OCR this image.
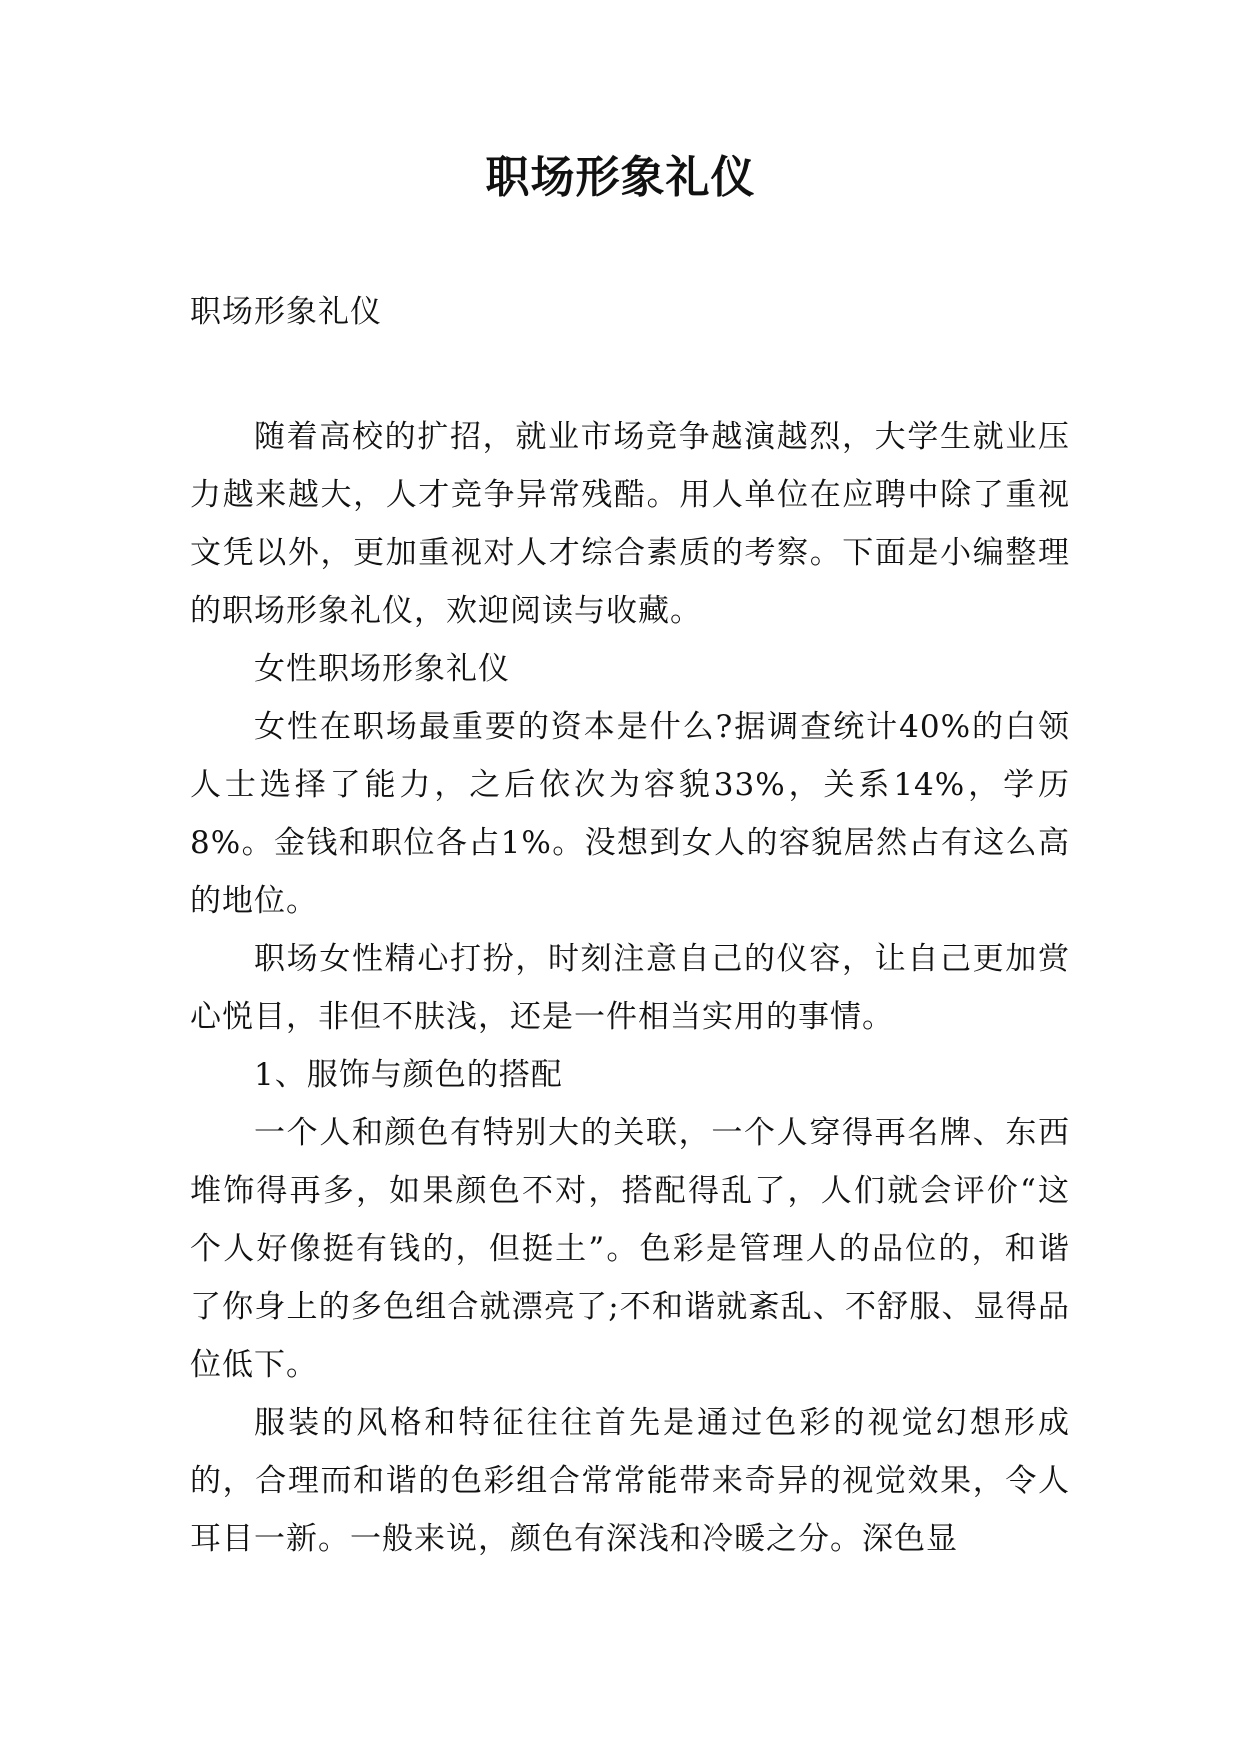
职场形象礼仪
职场形象礼仪

随着高校的扩招，就业市场竞争越演越烈，大学生就业压力越来越大，人才竞争异常残酷。用人单位在应聘中除了重视文凭以外，更加重视对人才综合素质的考察。下面是小编整理的职场形象礼仪，欢迎阅读与收藏。

女性职场形象礼仪

女性在职场最重要的资本是什么?据调查统计40%的白领人士选择了能力，之后依次为容貌33%，关系14%，学历8%。金钱和职位各占1%。没想到女人的容貌居然占有这么高的地位。

职场女性精心打扮，时刻注意自己的仪容，让自己更加赏心悦目，非但不肤浅，还是一件相当实用的事情。

1、服饰与颜色的搭配

一个人和颜色有特别大的关联，一个人穿得再名牌、东西堆饰得再多，如果颜色不对，搭配得乱了，人们就会评价“这个人好像挺有钱的，但挺土”。色彩是管理人的品位的，和谐了你身上的多色组合就漂亮了;不和谐就紊乱、不舒服、显得品位低下。

服装的风格和特征往往首先是通过色彩的视觉幻想形成的，合理而和谐的色彩组合常常能带来奇异的视觉效果，令人耳目一新。一般来说，颜色有深浅和冷暖之分。深色显
